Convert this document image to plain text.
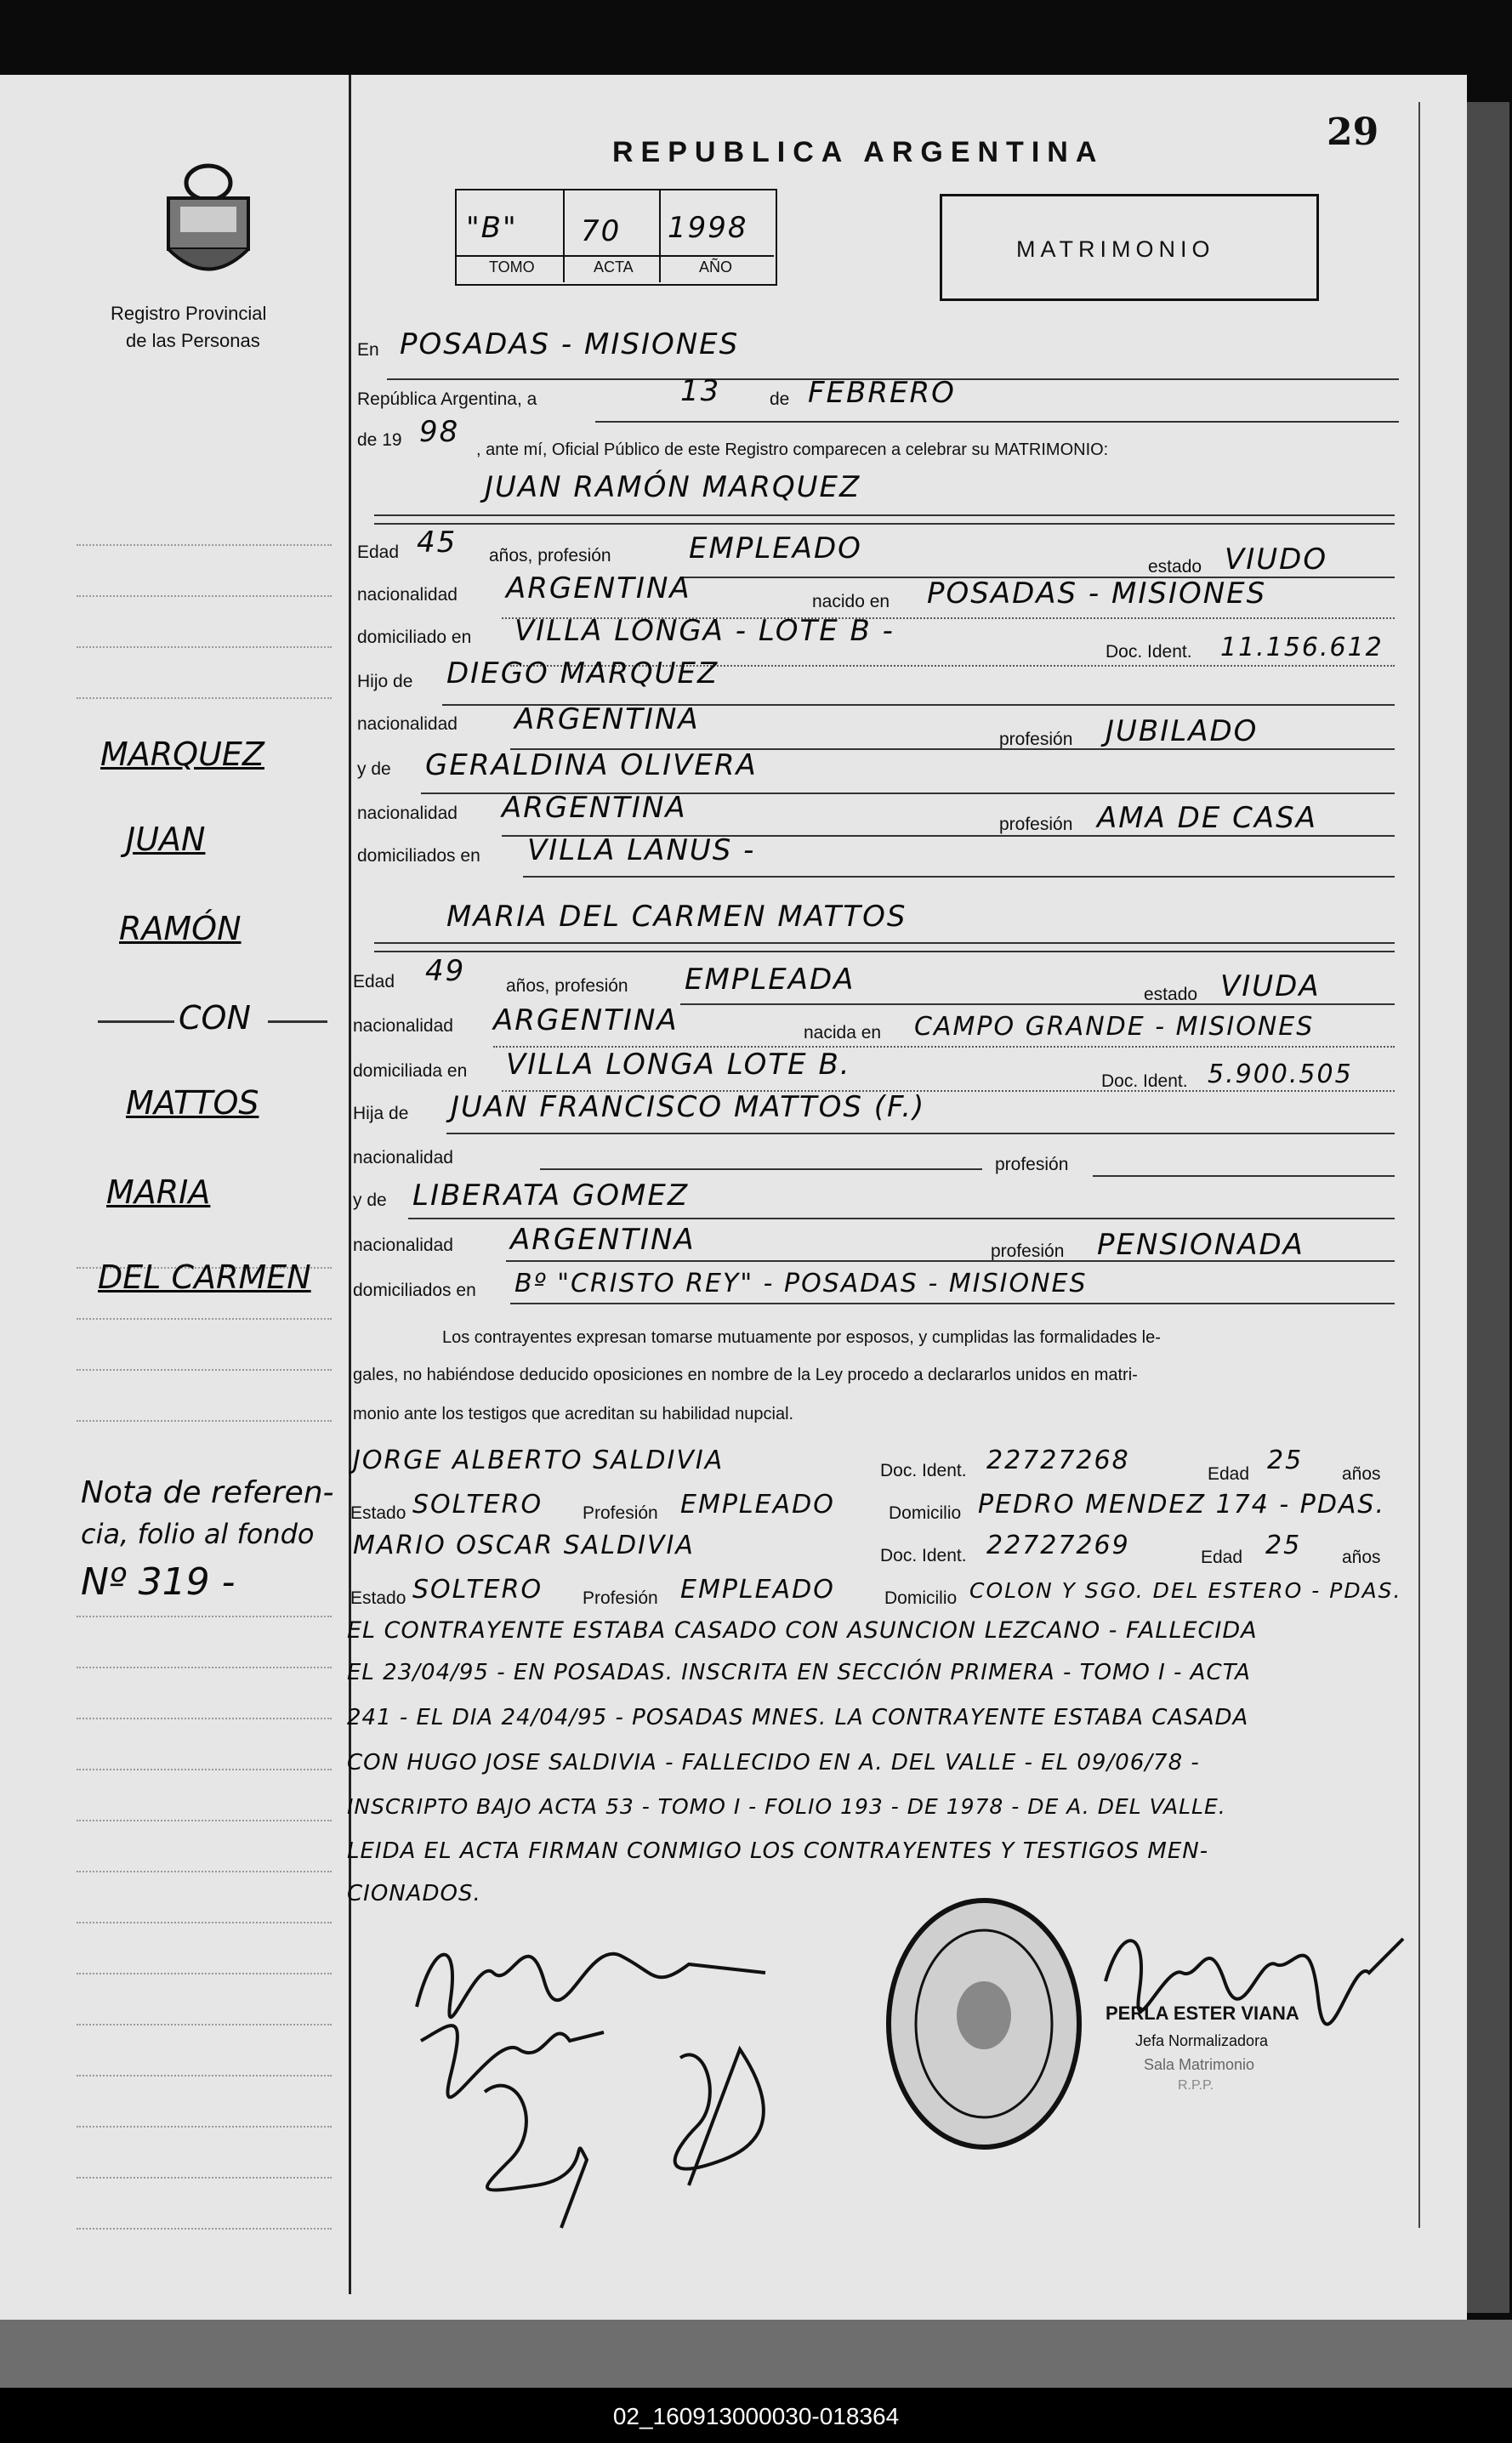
02_160913000030-018364
Registro Provincial
de las Personas
REPUBLICA ARGENTINA	29
"B" 70 1998
TOMO	ACTA	AÑO
MATRIMONIO
En POSADAS - MISIONES
República Argentina, a	13	de FEBRERO
de 19 98
, ante mí, Oficial Público de este Registro comparecen a celebrar su MATRIMONIO:
JUAN RAMÓN MARQUEZ
Edad 45 años, profesión	EMPLEADO
estado VIUDO
nacionalidad ARGENTINA	nacido en POSADAS - MISIONES
domiciliado en VILLA LONGA - LOTE B -
Doc. Ident. 11.156.612
Hijo de DIEGO MARQUEZ
nacionalidad ARGENTINA
profesión JUBILADO
y de GERALDINA OLIVERA
nacionalidad ARGENTINA	profesión AMA DE CASA
domiciliados en VILLA LANUS -
MARIA DEL CARMEN MATTOS
Edad 49 años, profesión EMPLEADA	estado VIUDA
nacionalidad ARGENTINA	nacida en CAMPO GRANDE - MISIONES
domiciliada en VILLA LONGA LOTE B.	Doc. Ident. 5.900.505
Hija de JUAN FRANCISCO MATTOS (F.)
nacionalidad	profesión
y de LIBERATA GOMEZ
nacionalidad ARGENTINA	profesión PENSIONADA
domiciliados en Bº "CRISTO REY" - POSADAS - MISIONES
Los contrayentes expresan tomarse mutuamente por esposos, y cumplidas las formalidades le-
gales, no habiéndose deducido oposiciones en nombre de la Ley procedo a declararlos unidos en matri-
monio ante los testigos que acreditan su habilidad nupcial.
JORGE ALBERTO SALDIVIA	Doc. Ident. 22727268	Edad 25 años
Estado SOLTERO Profesión EMPLEADO	Domicilio PEDRO MENDEZ 174 - PDAS.
MARIO OSCAR SALDIVIA	Doc. Ident. 22727269	Edad 25 años
Estado SOLTERO Profesión EMPLEADO	Domicilio COLON Y SGO. DEL ESTERO - PDAS.
EL CONTRAYENTE ESTABA CASADO CON ASUNCION LEZCANO - FALLECIDA
EL 23/04/95 - EN POSADAS. INSCRITA EN SECCIÓN PRIMERA - TOMO I - ACTA
241 - EL DIA 24/04/95 - POSADAS MNES. LA CONTRAYENTE ESTABA CASADA
CON HUGO JOSE SALDIVIA - FALLECIDO EN A. DEL VALLE - EL 09/06/78 -
INSCRIPTO BAJO ACTA 53 - TOMO I - FOLIO 193 - DE 1978 - DE A. DEL VALLE.
LEIDA EL ACTA FIRMAN CONMIGO LOS CONTRAYENTES Y TESTIGOS MEN-
CIONADOS.
MARQUEZ
JUAN
RAMÓN
CON
MATTOS
MARIA
DEL CARMEN
Nota de referen-
cia, folio al fondo
Nº 319 -
PERLA ESTER VIANA
Jefa Normalizadora
Sala Matrimonio
R.P.P.
